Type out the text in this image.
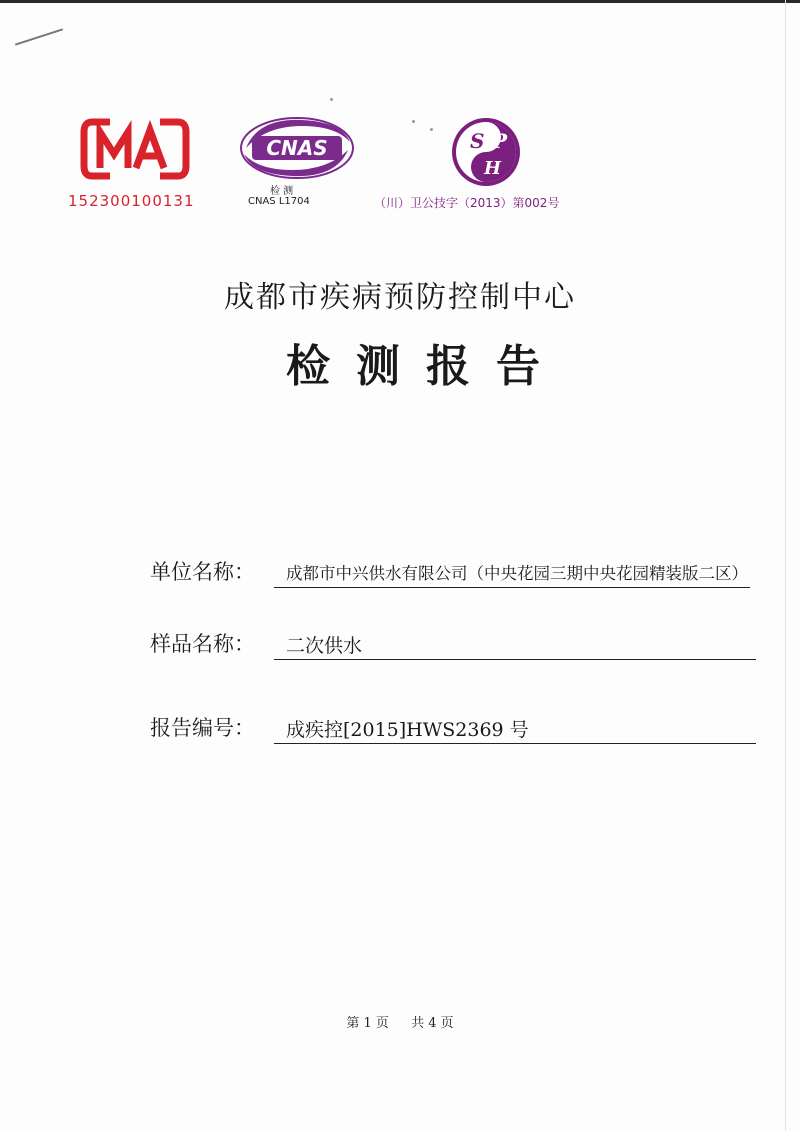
152300100131
CNAS
检 测
CNAS L1704
S P
H
（川）卫公技字（2013）第002号
成都市疾病预防控制中心
检测报告
单位名称：	成都市中兴供水有限公司（中央花园三期中央花园精装版二区）
样品名称：	二次供水
报告编号：	成疾控[2015]HWS2369 号
第 1 页 共 4 页
